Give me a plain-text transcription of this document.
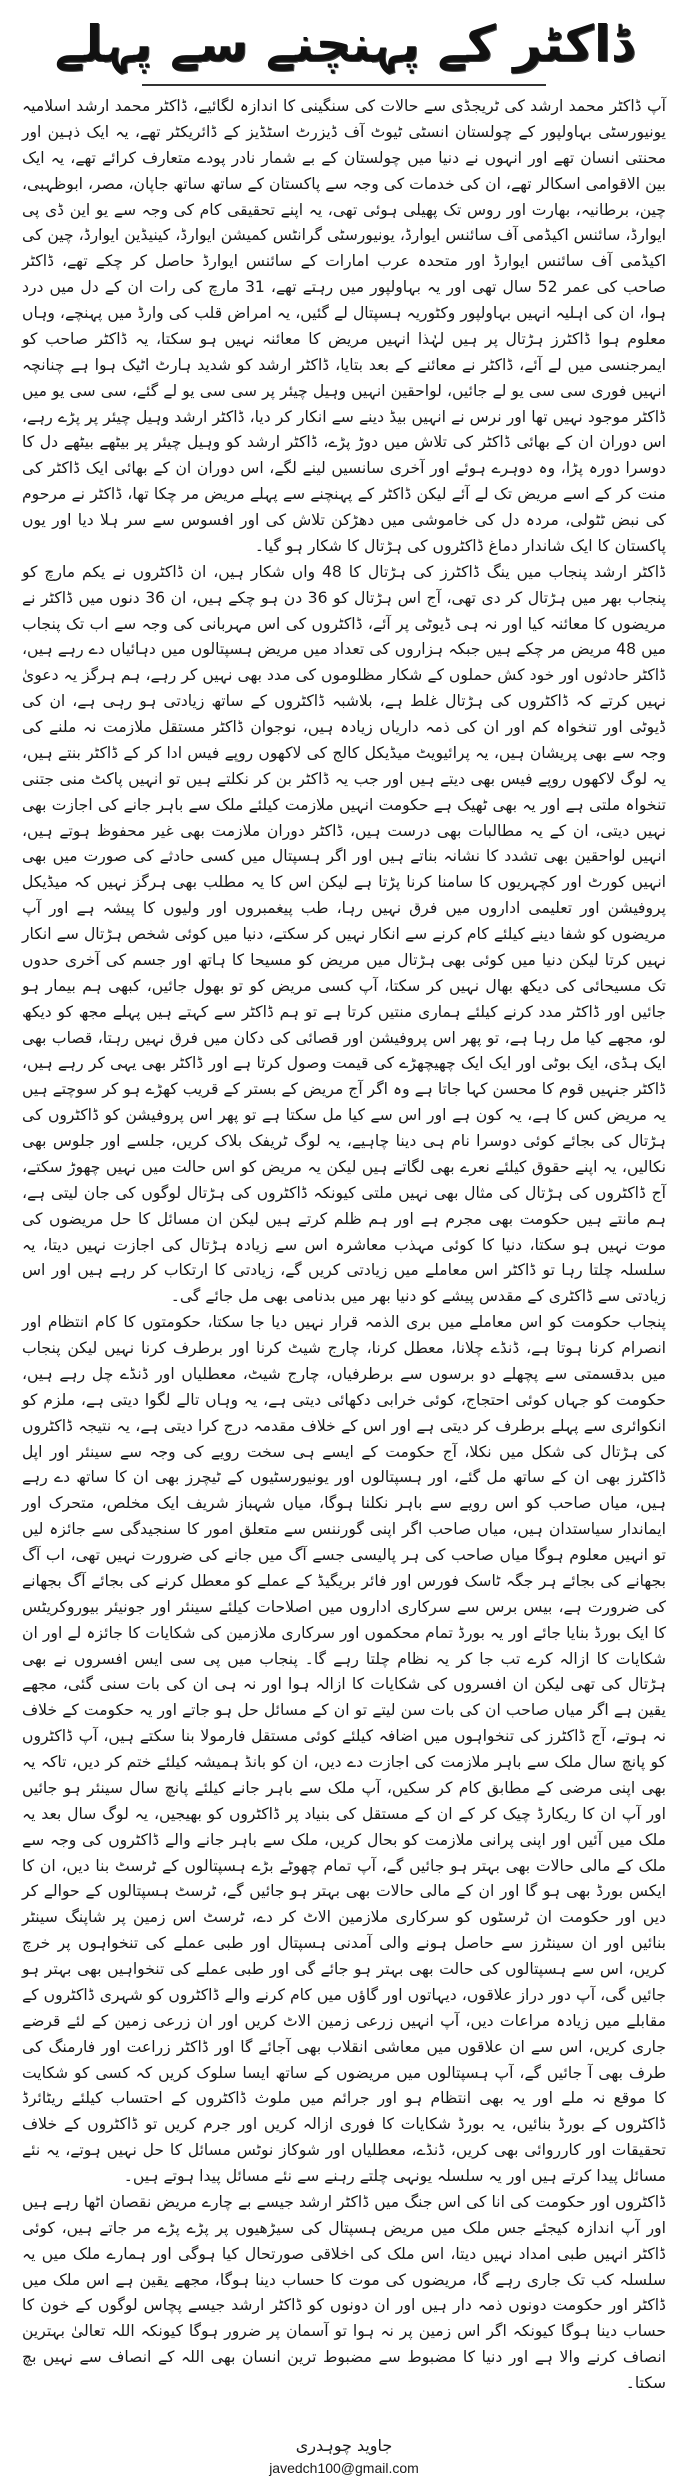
ڈاکٹر کے پہنچنے سے پہلے

آپ ڈاکٹر محمد ارشد کی ٹریجڈی سے حالات کی سنگینی کا اندازہ لگائیے، ڈاکٹر محمد ارشد اسلامیہ یونیورسٹی بہاولپور کے چولستان انسٹی ٹیوٹ آف ڈیزرٹ اسٹڈیز کے ڈائریکٹر تھے، یہ ایک ذہین اور محنتی انسان تھے اور انہوں نے دنیا میں چولستان کے بے شمار نادر پودے متعارف کرائے تھے، یہ ایک بین الاقوامی اسکالر تھے، ان کی خدمات کی وجہ سے پاکستان کے ساتھ ساتھ جاپان، مصر، ابوظہبی، چین، برطانیہ، بھارت اور روس تک پھیلی ہوئی تھی، یہ اپنے تحقیقی کام کی وجہ سے یو این ڈی پی ایوارڈ، سائنس اکیڈمی آف سائنس ایوارڈ، یونیورسٹی گرانٹس کمیشن ایوارڈ، کینیڈین ایوارڈ، چین کی اکیڈمی آف سائنس ایوارڈ اور متحدہ عرب امارات کے سائنس ایوارڈ حاصل کر چکے تھے، ڈاکٹر صاحب کی عمر 52 سال تھی اور یہ بہاولپور میں رہتے تھے، 31 مارچ کی رات ان کے دل میں درد ہوا، ان کی اہلیہ انہیں بہاولپور وکٹوریہ ہسپتال لے گئیں، یہ امراض قلب کی وارڈ میں پہنچے، وہاں معلوم ہوا ڈاکٹرز ہڑتال پر ہیں لہٰذا انہیں مریض کا معائنہ نہیں ہو سکتا، یہ ڈاکٹر صاحب کو ایمرجنسی میں لے آئے، ڈاکٹر نے معائنے کے بعد بتایا، ڈاکٹر ارشد کو شدید ہارٹ اٹیک ہوا ہے چنانچہ انہیں فوری سی سی یو لے جائیں، لواحقین انہیں وہیل چیئر پر سی سی یو لے گئے، سی سی یو میں ڈاکٹر موجود نہیں تھا اور نرس نے انہیں بیڈ دینے سے انکار کر دیا، ڈاکٹر ارشد وہیل چیئر پر پڑے رہے، اس دوران ان کے بھائی ڈاکٹر کی تلاش میں دوڑ پڑے، ڈاکٹر ارشد کو وہیل چیئر پر بیٹھے بیٹھے دل کا دوسرا دورہ پڑا، وہ دوہرے ہوئے اور آخری سانسیں لینے لگے، اس دوران ان کے بھائی ایک ڈاکٹر کی منت کر کے اسے مریض تک لے آئے لیکن ڈاکٹر کے پہنچنے سے پہلے مریض مر چکا تھا، ڈاکٹر نے مرحوم کی نبض ٹٹولی، مردہ دل کی خاموشی میں دھڑکن تلاش کی اور افسوس سے سر ہلا دیا اور یوں پاکستان کا ایک شاندار دماغ ڈاکٹروں کی ہڑتال کا شکار ہو گیا۔

ڈاکٹر ارشد پنجاب میں ینگ ڈاکٹرز کی ہڑتال کا 48 واں شکار ہیں، ان ڈاکٹروں نے یکم مارچ کو پنجاب بھر میں ہڑتال کر دی تھی، آج اس ہڑتال کو 36 دن ہو چکے ہیں، ان 36 دنوں میں ڈاکٹر نے مریضوں کا معائنہ کیا اور نہ ہی ڈیوٹی پر آئے، ڈاکٹروں کی اس مہربانی کی وجہ سے اب تک پنجاب میں 48 مریض مر چکے ہیں جبکہ ہزاروں کی تعداد میں مریض ہسپتالوں میں دہائیاں دے رہے ہیں، ڈاکٹر حادثوں اور خود کش حملوں کے شکار مظلوموں کی مدد بھی نہیں کر رہے، ہم ہرگز یہ دعویٰ نہیں کرتے کہ ڈاکٹروں کی ہڑتال غلط ہے، بلاشبہ ڈاکٹروں کے ساتھ زیادتی ہو رہی ہے، ان کی ڈیوٹی اور تنخواہ کم اور ان کی ذمہ داریاں زیادہ ہیں، نوجوان ڈاکٹر مستقل ملازمت نہ ملنے کی وجہ سے بھی پریشان ہیں، یہ پرائیویٹ میڈیکل کالج کی لاکھوں روپے فیس ادا کر کے ڈاکٹر بنتے ہیں، یہ لوگ لاکھوں روپے فیس بھی دیتے ہیں اور جب یہ ڈاکٹر بن کر نکلتے ہیں تو انہیں پاکٹ منی جتنی تنخواہ ملتی ہے اور یہ بھی ٹھیک ہے حکومت انہیں ملازمت کیلئے ملک سے باہر جانے کی اجازت بھی نہیں دیتی، ان کے یہ مطالبات بھی درست ہیں، ڈاکٹر دوران ملازمت بھی غیر محفوظ ہوتے ہیں، انہیں لواحقین بھی تشدد کا نشانہ بناتے ہیں اور اگر ہسپتال میں کسی حادثے کی صورت میں بھی انہیں کورٹ اور کچہریوں کا سامنا کرنا پڑتا ہے لیکن اس کا یہ مطلب بھی ہرگز نہیں کہ میڈیکل پروفیشن اور تعلیمی اداروں میں فرق نہیں رہا، طب پیغمبروں اور ولیوں کا پیشہ ہے اور آپ مریضوں کو شفا دینے کیلئے کام کرنے سے انکار نہیں کر سکتے، دنیا میں کوئی شخص ہڑتال سے انکار نہیں کرتا لیکن دنیا میں کوئی بھی ہڑتال میں مریض کو مسیحا کا ہاتھ اور جسم کی آخری حدوں تک مسیحائی کی دیکھ بھال نہیں کر سکتا، آپ کسی مریض کو تو بھول جائیں، کبھی ہم بیمار ہو جائیں اور ڈاکٹر مدد کرنے کیلئے ہماری منتیں کرتا ہے تو ہم ڈاکٹر سے کہتے ہیں پہلے مجھ کو دیکھ لو، مجھے کیا مل رہا ہے، تو پھر اس پروفیشن اور قصائی کی دکان میں فرق نہیں رہتا، قصاب بھی ایک ہڈی، ایک بوٹی اور ایک ایک چھیچھڑے کی قیمت وصول کرتا ہے اور ڈاکٹر بھی یہی کر رہے ہیں، ڈاکٹر جنہیں قوم کا محسن کہا جاتا ہے وہ اگر آج مریض کے بستر کے قریب کھڑے ہو کر سوچتے ہیں یہ مریض کس کا ہے، یہ کون ہے اور اس سے کیا مل سکتا ہے تو پھر اس پروفیشن کو ڈاکٹروں کی ہڑتال کی بجائے کوئی دوسرا نام ہی دینا چاہیے، یہ لوگ ٹریفک بلاک کریں، جلسے اور جلوس بھی نکالیں، یہ اپنے حقوق کیلئے نعرے بھی لگاتے ہیں لیکن یہ مریض کو اس حالت میں نہیں چھوڑ سکتے، آج ڈاکٹروں کی ہڑتال کی مثال بھی نہیں ملتی کیونکہ ڈاکٹروں کی ہڑتال لوگوں کی جان لیتی ہے، ہم مانتے ہیں حکومت بھی مجرم ہے اور ہم ظلم کرتے ہیں لیکن ان مسائل کا حل مریضوں کی موت نہیں ہو سکتا، دنیا کا کوئی مہذب معاشرہ اس سے زیادہ ہڑتال کی اجازت نہیں دیتا، یہ سلسلہ چلتا رہا تو ڈاکٹر اس معاملے میں زیادتی کریں گے، زیادتی کا ارتکاب کر رہے ہیں اور اس زیادتی سے ڈاکٹری کے مقدس پیشے کو دنیا بھر میں بدنامی بھی مل جائے گی۔

پنجاب حکومت کو اس معاملے میں بری الذمہ قرار نہیں دیا جا سکتا، حکومتوں کا کام انتظام اور انصرام کرنا ہوتا ہے، ڈنڈے چلانا، معطل کرنا، چارج شیٹ کرنا اور برطرف کرنا نہیں لیکن پنجاب میں بدقسمتی سے پچھلے دو برسوں سے برطرفیاں، چارج شیٹ، معطلیاں اور ڈنڈے چل رہے ہیں، حکومت کو جہاں کوئی احتجاج، کوئی خرابی دکھائی دیتی ہے، یہ وہاں تالے لگوا دیتی ہے، ملزم کو انکوائری سے پہلے برطرف کر دیتی ہے اور اس کے خلاف مقدمہ درج کرا دیتی ہے، یہ نتیجہ ڈاکٹروں کی ہڑتال کی شکل میں نکلا، آج حکومت کے ایسے ہی سخت رویے کی وجہ سے سینئر اور اپل ڈاکٹرز بھی ان کے ساتھ مل گئے، اور ہسپتالوں اور یونیورسٹیوں کے ٹیچرز بھی ان کا ساتھ دے رہے ہیں، میاں صاحب کو اس رویے سے باہر نکلنا ہوگا، میاں شہباز شریف ایک مخلص، متحرک اور ایماندار سیاستدان ہیں، میاں صاحب اگر اپنی گورننس سے متعلق امور کا سنجیدگی سے جائزہ لیں تو انہیں معلوم ہوگا میاں صاحب کی ہر پالیسی جسے آگ میں جانے کی ضرورت نہیں تھی، اب آگ بجھانے کی بجائے ہر جگہ ٹاسک فورس اور فائر بریگیڈ کے عملے کو معطل کرنے کی بجائے آگ بجھانے کی ضرورت ہے، بیس برس سے سرکاری اداروں میں اصلاحات کیلئے سینئر اور جونیئر بیوروکریٹس کا ایک بورڈ بنایا جائے اور یہ بورڈ تمام محکموں اور سرکاری ملازمین کی شکایات کا جائزہ لے اور ان شکایات کا ازالہ کرے تب جا کر یہ نظام چلتا رہے گا۔ پنجاب میں پی سی ایس افسروں نے بھی ہڑتال کی تھی لیکن ان افسروں کی شکایات کا ازالہ ہوا اور نہ ہی ان کی بات سنی گئی، مجھے یقین ہے اگر میاں صاحب ان کی بات سن لیتے تو ان کے مسائل حل ہو جاتے اور یہ حکومت کے خلاف نہ ہوتے، آج ڈاکٹرز کی تنخواہوں میں اضافہ کیلئے کوئی مستقل فارمولا بنا سکتے ہیں، آپ ڈاکٹروں کو پانچ سال ملک سے باہر ملازمت کی اجازت دے دیں، ان کو بانڈ ہمیشہ کیلئے ختم کر دیں، تاکہ یہ بھی اپنی مرضی کے مطابق کام کر سکیں، آپ ملک سے باہر جانے کیلئے پانچ سال سینئر ہو جائیں اور آپ ان کا ریکارڈ چیک کر کے ان کے مستقل کی بنیاد پر ڈاکٹروں کو بھیجیں، یہ لوگ سال بعد یہ ملک میں آئیں اور اپنی پرانی ملازمت کو بحال کریں، ملک سے باہر جانے والے ڈاکٹروں کی وجہ سے ملک کے مالی حالات بھی بہتر ہو جائیں گے، آپ تمام چھوٹے بڑے ہسپتالوں کے ٹرسٹ بنا دیں، ان کا ایکس بورڈ بھی ہو گا اور ان کے مالی حالات بھی بہتر ہو جائیں گے، ٹرسٹ ہسپتالوں کے حوالے کر دیں اور حکومت ان ٹرسٹوں کو سرکاری ملازمین الاٹ کر دے، ٹرسٹ اس زمین پر شاپنگ سینٹر بنائیں اور ان سینٹرز سے حاصل ہونے والی آمدنی ہسپتال اور طبی عملے کی تنخواہوں پر خرچ کریں، اس سے ہسپتالوں کی حالت بھی بہتر ہو جائے گی اور طبی عملے کی تنخواہیں بھی بہتر ہو جائیں گی، آپ دور دراز علاقوں، دیہاتوں اور گاؤں میں کام کرنے والے ڈاکٹروں کو شہری ڈاکٹروں کے مقابلے میں زیادہ مراعات دیں، آپ انہیں زرعی زمین الاٹ کریں اور ان زرعی زمین کے لئے قرضے جاری کریں، اس سے ان علاقوں میں معاشی انقلاب بھی آجائے گا اور ڈاکٹر زراعت اور فارمنگ کی طرف بھی آ جائیں گے، آپ ہسپتالوں میں مریضوں کے ساتھ ایسا سلوک کریں کہ کسی کو شکایت کا موقع نہ ملے اور یہ بھی انتظام ہو اور جرائم میں ملوث ڈاکٹروں کے احتساب کیلئے ریٹائرڈ ڈاکٹروں کے بورڈ بنائیں، یہ بورڈ شکایات کا فوری ازالہ کریں اور جرم کریں تو ڈاکٹروں کے خلاف تحقیقات اور کارروائی بھی کریں، ڈنڈے، معطلیاں اور شوکاز نوٹس مسائل کا حل نہیں ہوتے، یہ نئے مسائل پیدا کرتے ہیں اور یہ سلسلہ یونہی چلتے رہنے سے نئے مسائل پیدا ہوتے ہیں۔

ڈاکٹروں اور حکومت کی انا کی اس جنگ میں ڈاکٹر ارشد جیسے بے چارے مریض نقصان اٹھا رہے ہیں اور آپ اندازہ کیجئے جس ملک میں مریض ہسپتال کی سیڑھیوں پر پڑے پڑے مر جاتے ہیں، کوئی ڈاکٹر انہیں طبی امداد نہیں دیتا، اس ملک کی اخلاقی صورتحال کیا ہوگی اور ہمارے ملک میں یہ سلسلہ کب تک جاری رہے گا، مریضوں کی موت کا حساب دینا ہوگا، مجھے یقین ہے اس ملک میں ڈاکٹر اور حکومت دونوں ذمہ دار ہیں اور ان دونوں کو ڈاکٹر ارشد جیسے پچاس لوگوں کے خون کا حساب دینا ہوگا کیونکہ اگر اس زمین پر نہ ہوا تو آسمان پر ضرور ہوگا کیونکہ اللہ تعالیٰ بہترین انصاف کرنے والا ہے اور دنیا کا مضبوط سے مضبوط ترین انسان بھی اللہ کے انصاف سے نہیں بچ سکتا۔

جاوید چوہدری
javedch100@gmail.com
